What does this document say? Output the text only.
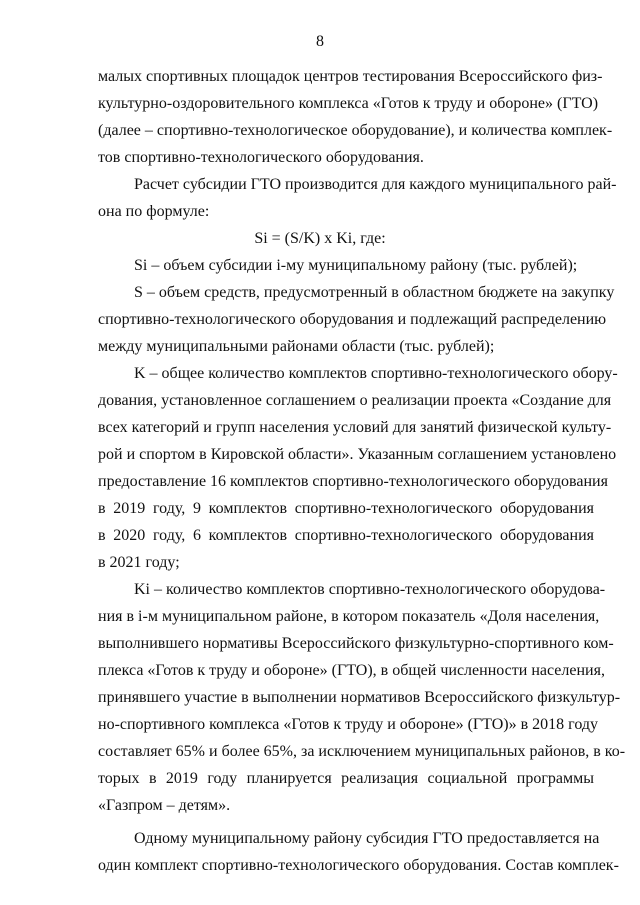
8
малых спортивных площадок центров тестирования Всероссийского физ-
культурно-оздоровительного комплекса «Готов к труду и обороне» (ГТО)
(далее – спортивно-технологическое оборудование), и количества комплек-
тов спортивно-технологического оборудования.
Расчет субсидии ГТО производится для каждого муниципального рай-
она по формуле:
Si = (S/K) x Ki, где:
Si – объем субсидии i-му муниципальному району (тыс. рублей);
S – объем средств, предусмотренный в областном бюджете на закупку
спортивно-технологического оборудования и подлежащий распределению
между муниципальными районами области (тыс. рублей);
K – общее количество комплектов спортивно-технологического обору-
дования, установленное соглашением о реализации проекта «Создание для
всех категорий и групп населения условий для занятий физической культу-
рой и спортом в Кировской области». Указанным соглашением установлено
предоставление 16 комплектов спортивно-технологического оборудования
в 2019 году, 9 комплектов спортивно-технологического оборудования
в 2020 году, 6 комплектов спортивно-технологического оборудования
в 2021 году;
Ki – количество комплектов спортивно-технологического оборудова-
ния в i-м муниципальном районе, в котором показатель «Доля населения,
выполнившего нормативы Всероссийского физкультурно-спортивного ком-
плекса «Готов к труду и обороне» (ГТО), в общей численности населения,
принявшего участие в выполнении нормативов Всероссийского физкультур-
но-спортивного комплекса «Готов к труду и обороне» (ГТО)» в 2018 году
составляет 65% и более 65%, за исключением муниципальных районов, в ко-
торых в 2019 году планируется реализация социальной программы
«Газпром – детям».
Одному муниципальному району субсидия ГТО предоставляется на
один комплект спортивно-технологического оборудования. Состав комплек-
